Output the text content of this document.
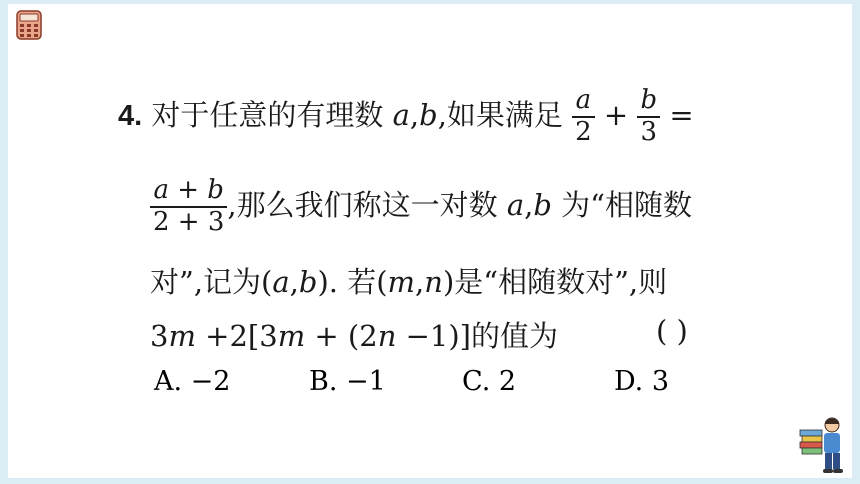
4. 对于任意的有理数 a,b,如果满足 $\frac{a}{2} + \frac{b}{3}$ =
$\frac{a + b}{2 + 3}$ ,那么我们称这一对数 a,b 为“相随数
对”,记为(a,b). 若(m,n)是“相随数对”,则
3m +2[3m + (2n −1)]的值为	( )
A. −2	B. −1	C. 2	D. 3
